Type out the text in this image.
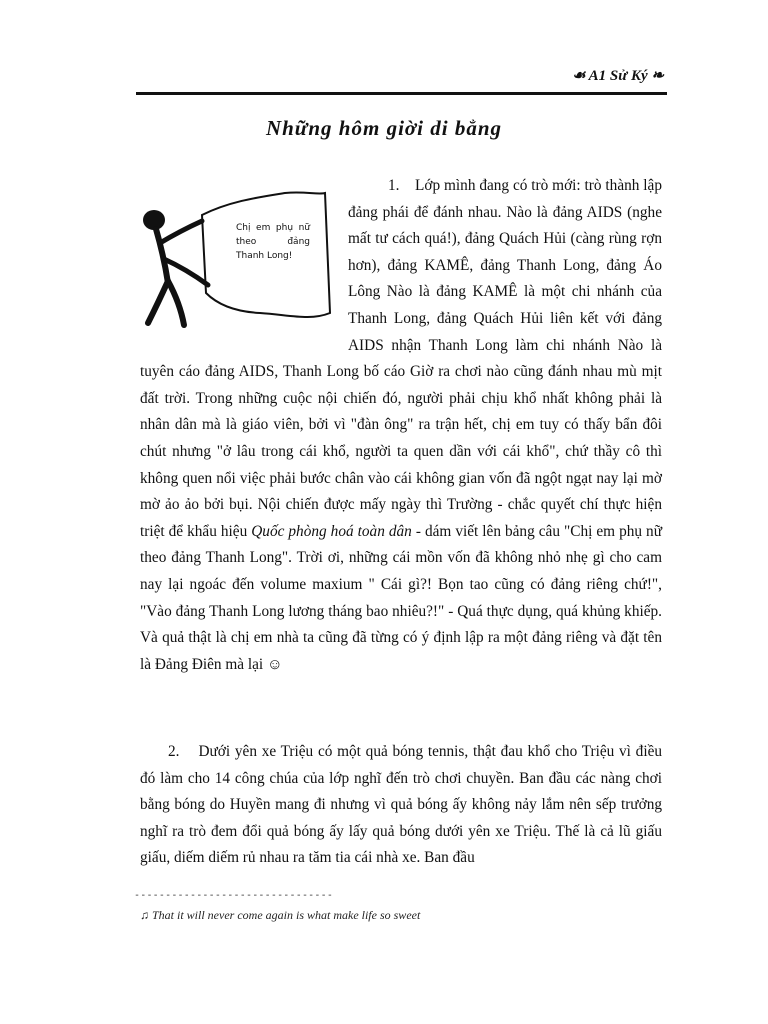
☙ A1 Sử Ký ❧
Những hôm giời di bẳng
Chị em phụ nữ theo đảng Thanh Long!
1. Lớp mình đang có trò mới: trò thành lập đảng phái để đánh nhau. Nào là đảng AIDS (nghe mất tư cách quá!), đảng Quách Hủi (càng rùng rợn hơn), đảng KAMÊ, đảng Thanh Long, đảng Áo Lông Nào là đảng KAMÊ là một chi nhánh của Thanh Long, đảng Quách Hủi liên kết với đảng AIDS nhận Thanh Long làm chi nhánh Nào là tuyên cáo đảng AIDS, Thanh Long bố cáo Giờ ra chơi nào cũng đánh nhau mù mịt đất trời. Trong những cuộc nội chiến đó, người phải chịu khổ nhất không phải là nhân dân mà là giáo viên, bởi vì "đàn ông" ra trận hết, chị em tuy có thấy bẩn đôi chút nhưng "ở lâu trong cái khổ, người ta quen dần với cái khổ", chứ thầy cô thì không quen nổi việc phải bước chân vào cái không gian vốn đã ngột ngạt nay lại mờ mờ ảo ảo bởi bụi. Nội chiến được mấy ngày thì Trường - chắc quyết chí thực hiện triệt để khẩu hiệu Quốc phòng hoá toàn dân - dám viết lên bảng câu "Chị em phụ nữ theo đảng Thanh Long". Trời ơi, những cái mồn vốn đã không nhỏ nhẹ gì cho cam nay lại ngoác đến volume maxium " Cái gì?! Bọn tao cũng có đảng riêng chứ!", "Vào đảng Thanh Long lương tháng bao nhiêu?!" - Quá thực dụng, quá khủng khiếp. Và quả thật là chị em nhà ta cũng đã từng có ý định lập ra một đảng riêng và đặt tên là Đảng Điên mà lại ☺
2. Dưới yên xe Triệu có một quả bóng tennis, thật đau khổ cho Triệu vì điều đó làm cho 14 công chúa của lớp nghĩ đến trò chơi chuyền. Ban đầu các nàng chơi bằng bóng do Huyền mang đi nhưng vì quả bóng ấy không nảy lắm nên sếp trưởng nghĩ ra trò đem đổi quả bóng ấy lấy quả bóng dưới yên xe Triệu. Thế là cả lũ giấu giấu, diếm diếm rủ nhau ra tăm tia cái nhà xe. Ban đầu
--------------------------------
♫ That it will never come again is what make life so sweet
